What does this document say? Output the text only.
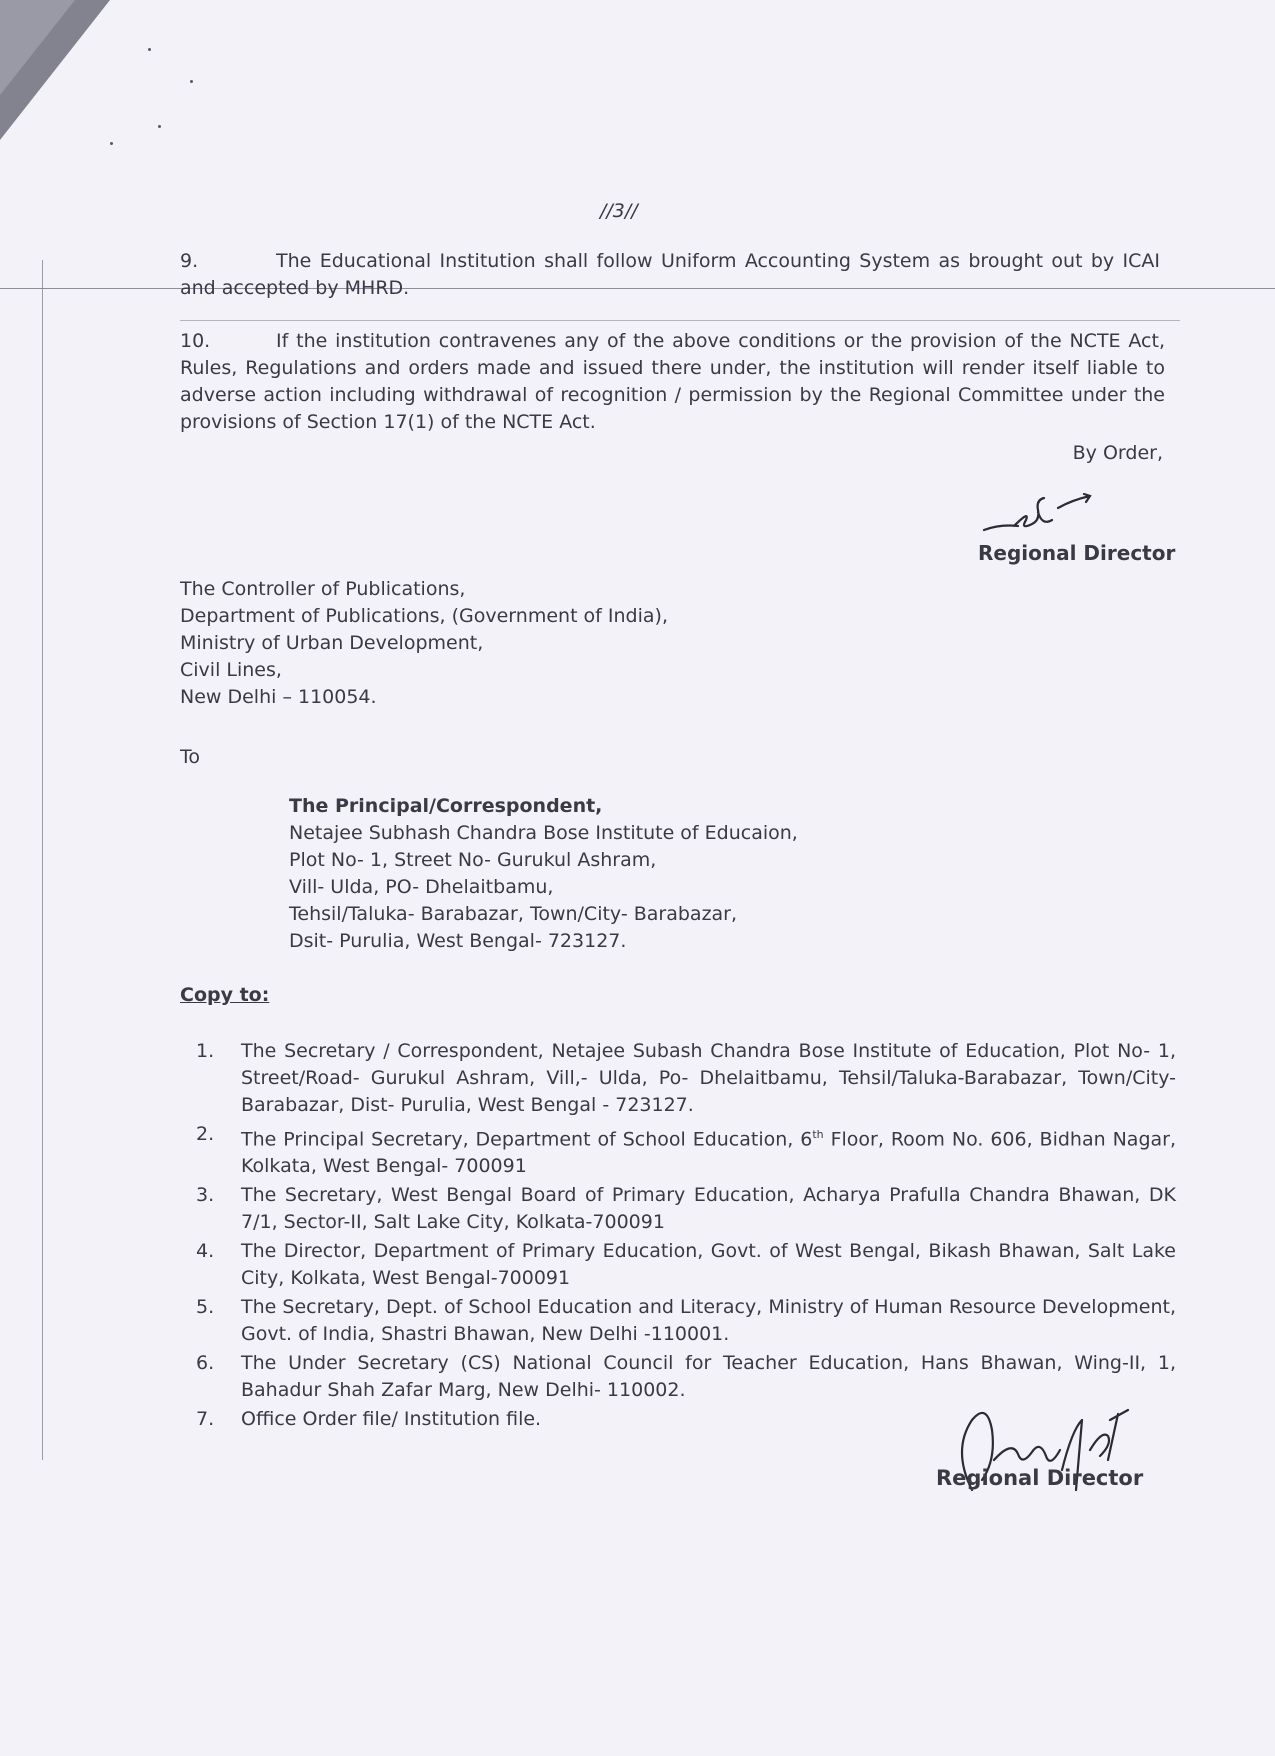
//3//
9.	The Educational Institution shall follow Uniform Accounting System as brought out by ICAI and accepted by MHRD.
10.	If the institution contravenes any of the above conditions or the provision of the NCTE Act, Rules, Regulations and orders made and issued there under, the institution will render itself liable to adverse action including withdrawal of recognition / permission by the Regional Committee under the provisions of Section 17(1) of the NCTE Act.
By Order,
Regional Director
The Controller of Publications,
Department of Publications, (Government of India),
Ministry of Urban Development,
Civil Lines,
New Delhi – 110054.
To
The Principal/Correspondent,
Netajee Subhash Chandra Bose Institute of Educaion,
Plot No- 1, Street No- Gurukul Ashram,
Vill- Ulda, PO- Dhelaitbamu,
Tehsil/Taluka- Barabazar, Town/City- Barabazar,
Dsit- Purulia, West Bengal- 723127.
Copy to:
1. The Secretary / Correspondent, Netajee Subash Chandra Bose Institute of Education, Plot No- 1, Street/Road- Gurukul Ashram, Vill,- Ulda, Po- Dhelaitbamu, Tehsil/Taluka-Barabazar, Town/City- Barabazar, Dist- Purulia, West Bengal - 723127.
2. The Principal Secretary, Department of School Education, 6th Floor, Room No. 606, Bidhan Nagar, Kolkata, West Bengal- 700091
3. The Secretary, West Bengal Board of Primary Education, Acharya Prafulla Chandra Bhawan, DK 7/1, Sector-II, Salt Lake City, Kolkata-700091
4. The Director, Department of Primary Education, Govt. of West Bengal, Bikash Bhawan, Salt Lake City, Kolkata, West Bengal-700091
5. The Secretary, Dept. of School Education and Literacy, Ministry of Human Resource Development, Govt. of India, Shastri Bhawan, New Delhi -110001.
6. The Under Secretary (CS) National Council for Teacher Education, Hans Bhawan, Wing-II, 1, Bahadur Shah Zafar Marg, New Delhi- 110002.
7. Office Order file/ Institution file.
Regional Director
